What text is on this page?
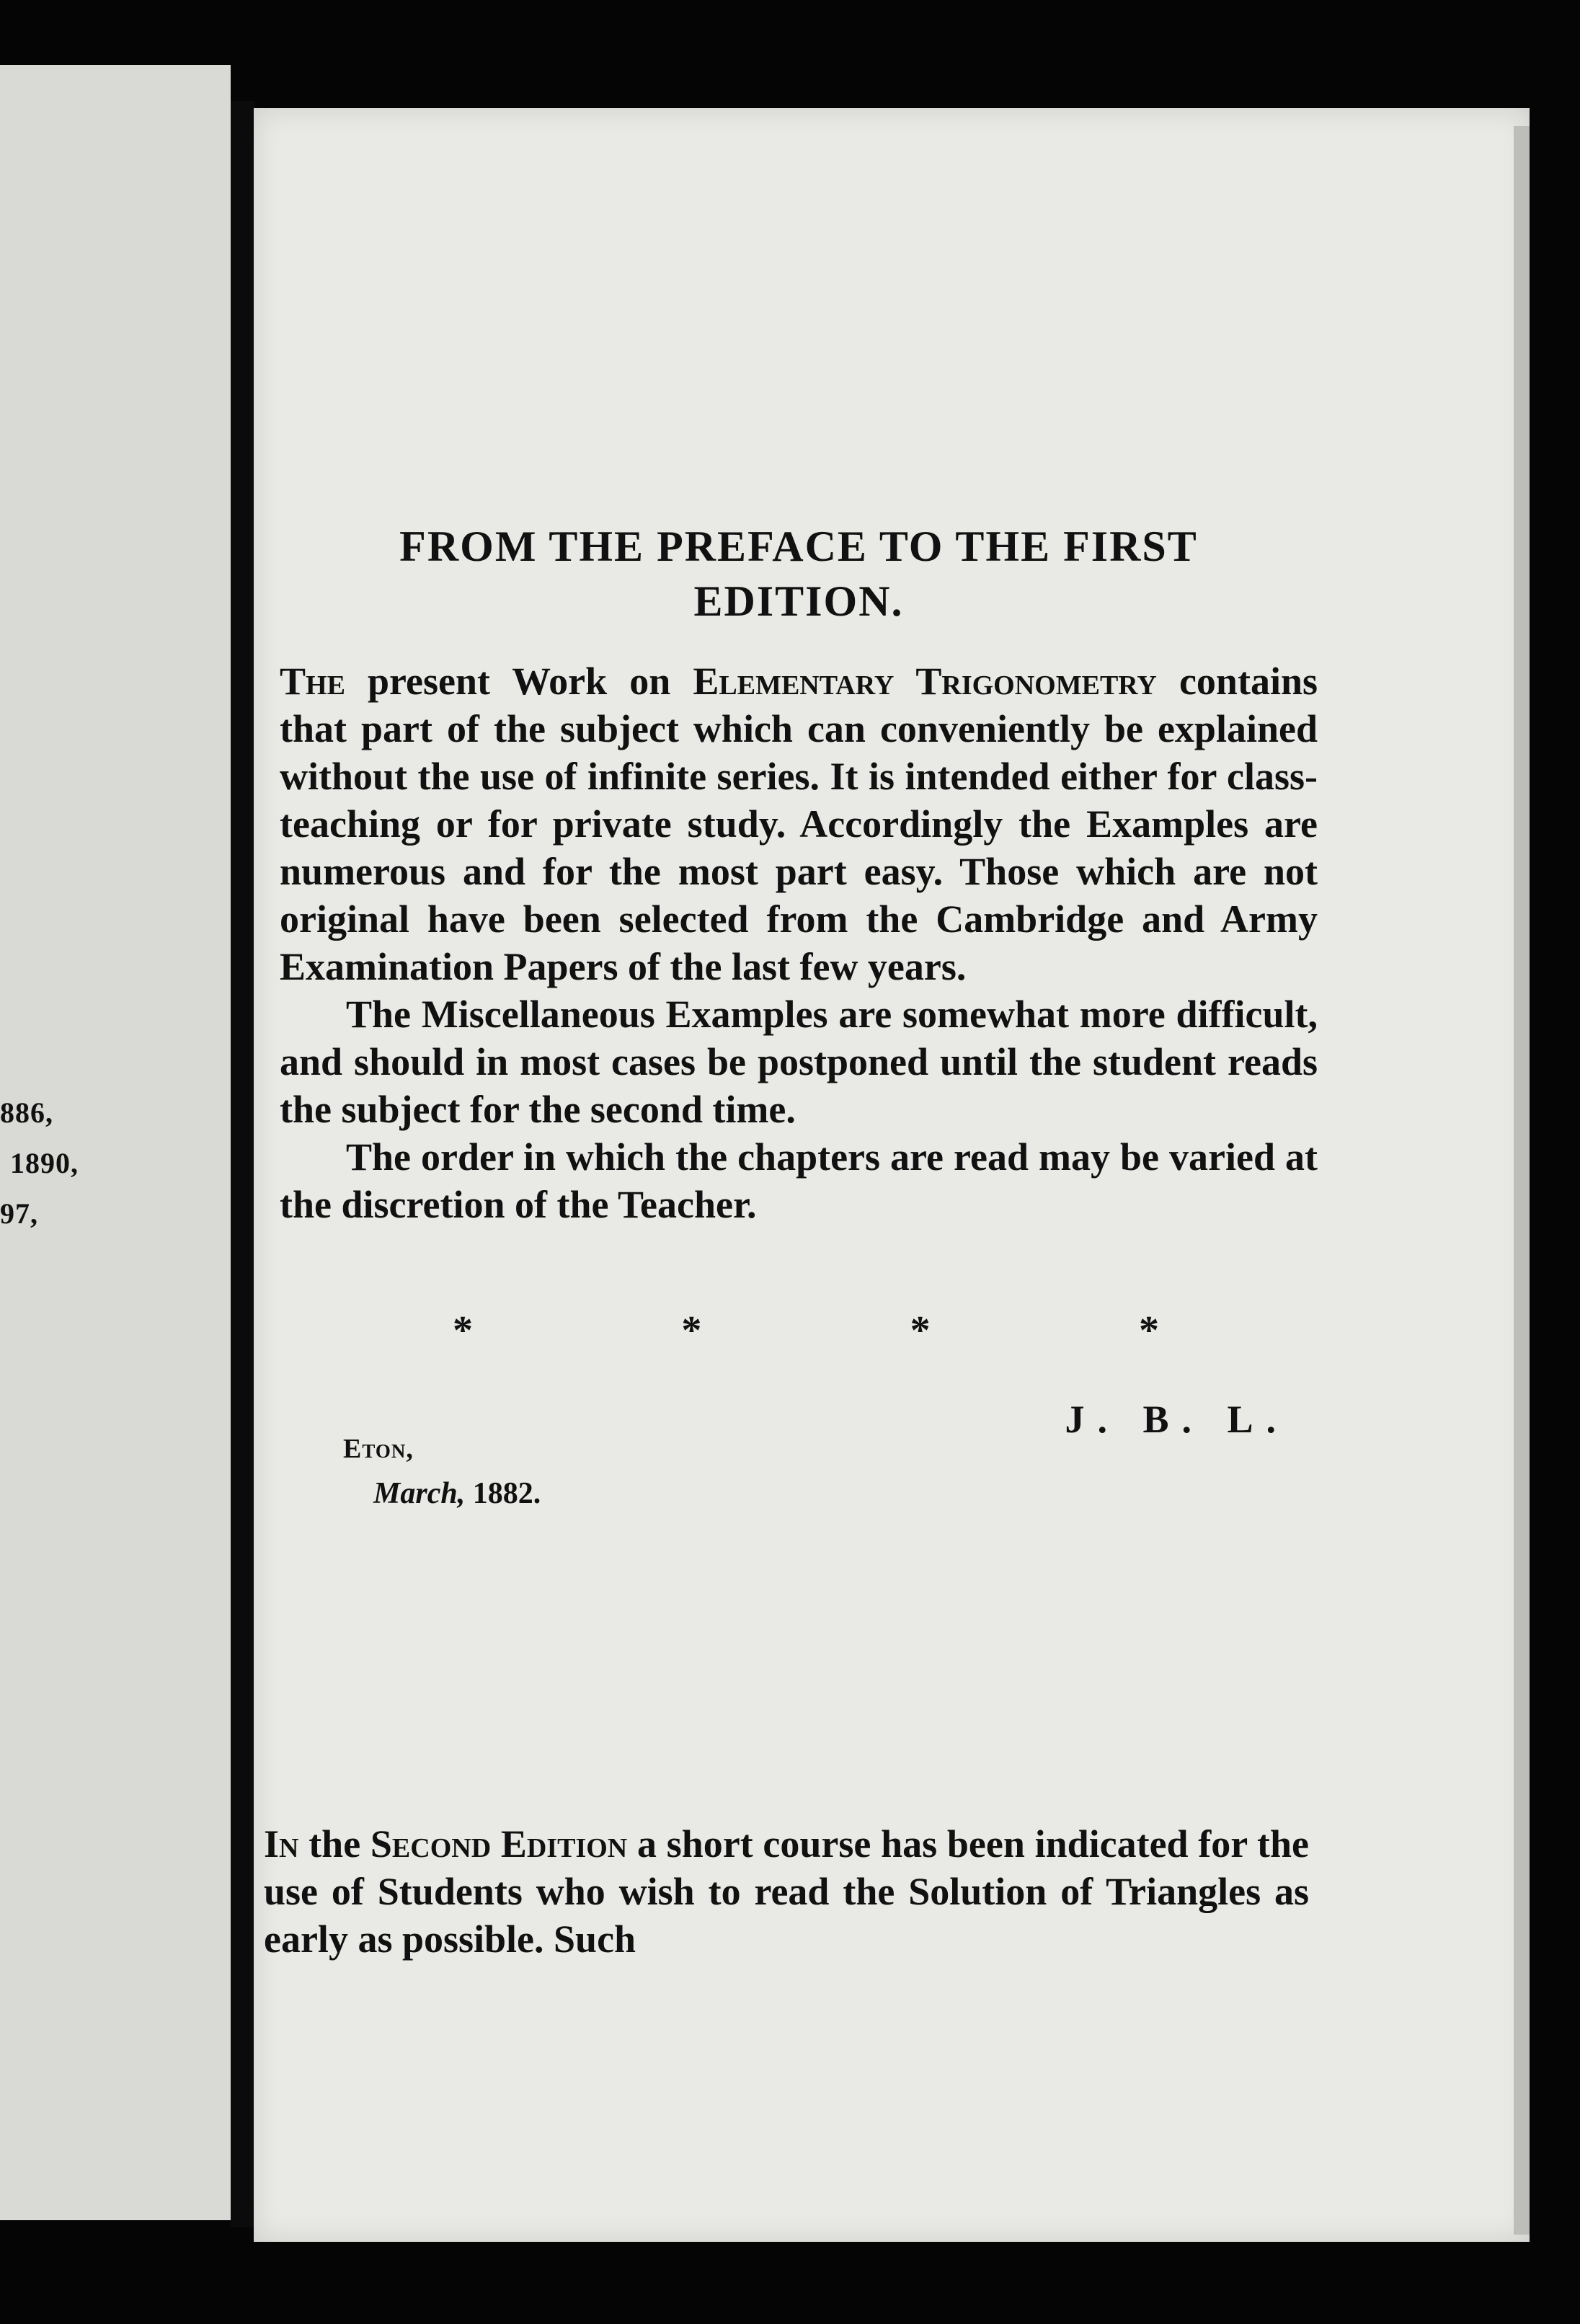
886,
1890,
97,
FROM THE PREFACE TO THE FIRST
EDITION.

The present Work on Elementary Trigonometry contains that part of the subject which can conveniently be explained without the use of infinite series. It is intended either for class-teaching or for private study. Accordingly the Examples are numerous and for the most part easy. Those which are not original have been selected from the Cambridge and Army Examination Papers of the last few years.

The Miscellaneous Examples are somewhat more difficult, and should in most cases be postponed until the student reads the subject for the second time.

The order in which the chapters are read may be varied at the discretion of the Teacher.

*	*	*	*
J. B. L.
Eton,
March, 1882.

In the Second Edition a short course has been indicated for the use of Students who wish to read the Solution of Triangles as early as possible. Such
